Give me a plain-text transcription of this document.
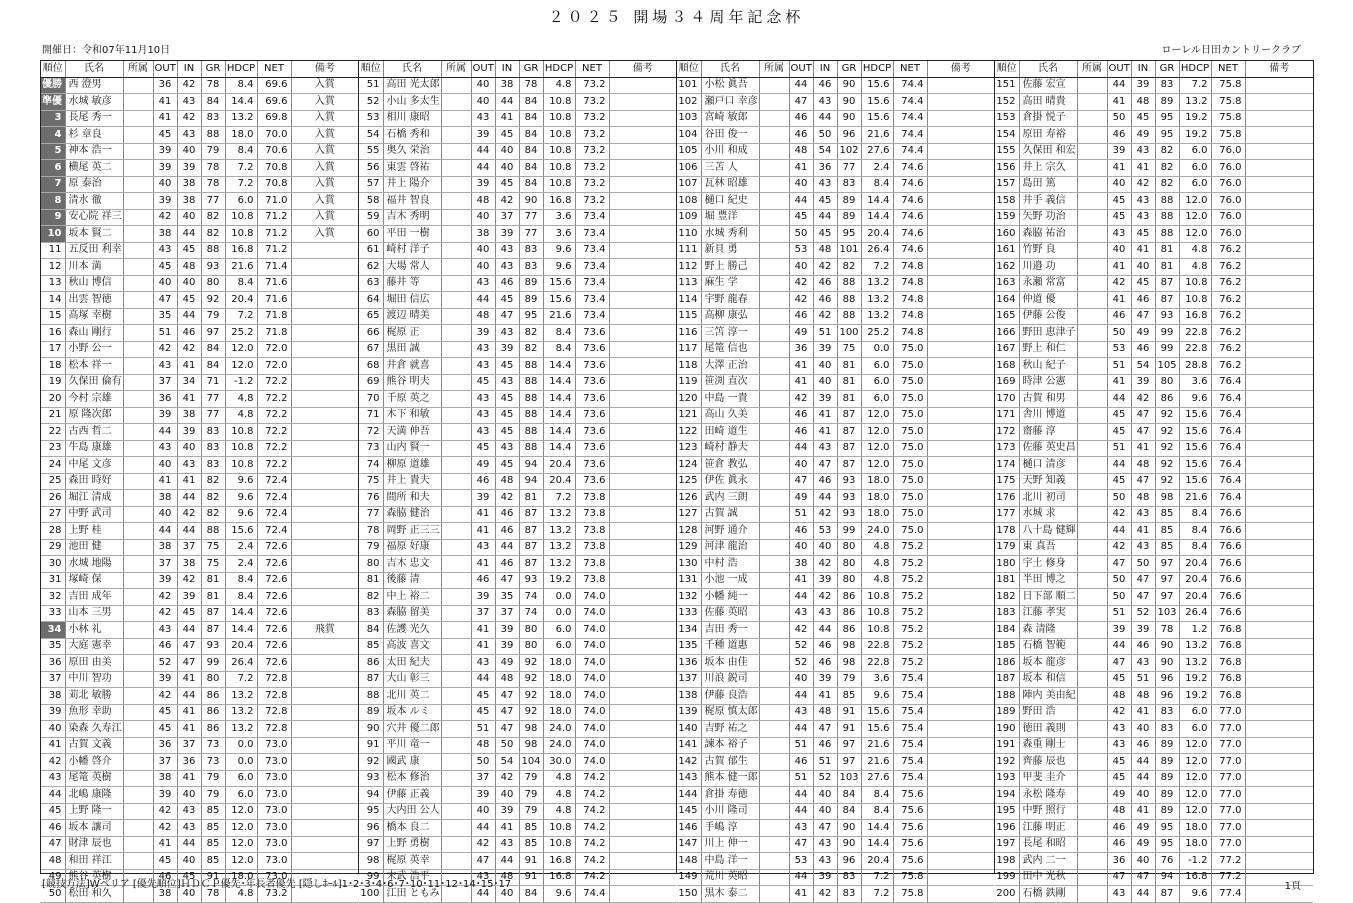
２０２５ 開場３４周年記念杯
開催日：令和07年11月10日	ローレル日田カントリークラブ
順位	氏名	所属	OUT	IN	GR	HDCP	NET	備考
優勝	西 澄男		36	42	78	8.4	69.6	入賞
準優	水城 敏彦		41	43	84	14.4	69.6	入賞
3	長尾 秀一		41	42	83	13.2	69.8	入賞
4	杉 章良		45	43	88	18.0	70.0	入賞
5	神本 浩一		39	40	79	8.4	70.6	入賞
6	横尾 英二		39	39	78	7.2	70.8	入賞
7	原 泰治		40	38	78	7.2	70.8	入賞
8	清水 徹		39	38	77	6.0	71.0	入賞
9	安心院 祥三		42	40	82	10.8	71.2	入賞
10	坂本 賢二		38	44	82	10.8	71.2	入賞
11	五反田 利幸		43	45	88	16.8	71.2	
12	川本 満		45	48	93	21.6	71.4	
13	秋山 博信		40	40	80	8.4	71.6	
14	出雲 智徳		47	45	92	20.4	71.6	
15	高塚 幸樹		35	44	79	7.2	71.8	
16	森山 剛行		51	46	97	25.2	71.8	
17	小野 公一		42	42	84	12.0	72.0	
18	松本 祥一		43	41	84	12.0	72.0	
19	久保田 倫有		37	34	71	-1.2	72.2	
20	今村 宗雄		36	41	77	4.8	72.2	
21	原 隆次郎		39	38	77	4.8	72.2	
22	古西 哲二		44	39	83	10.8	72.2	
23	牛島 康雄		43	40	83	10.8	72.2	
24	中尾 文彦		40	43	83	10.8	72.2	
25	森田 時好		41	41	82	9.6	72.4	
26	堀江 清成		38	44	82	9.6	72.4	
27	中野 武司		40	42	82	9.6	72.4	
28	上野 桂		44	44	88	15.6	72.4	
29	池田 健		38	37	75	2.4	72.6	
30	水城 地陽		37	38	75	2.4	72.6	
31	塚崎 保		39	42	81	8.4	72.6	
32	吉田 成年		42	39	81	8.4	72.6	
33	山本 三男		42	45	87	14.4	72.6	
34	小林 礼		43	44	87	14.4	72.6	飛賞
35	大庭 憲幸		46	47	93	20.4	72.6	
36	原田 由美		52	47	99	26.4	72.6	
37	中川 智功		39	41	80	7.2	72.8	
38	苅北 敏勝		42	44	86	13.2	72.8	
39	魚形 幸助		45	41	86	13.2	72.8	
40	染森 久寿江		45	41	86	13.2	72.8	
41	古賀 文義		36	37	73	0.0	73.0	
42	小幡 啓介		37	36	73	0.0	73.0	
43	尾篭 英樹		38	41	79	6.0	73.0	
44	北嶋 康隆		39	40	79	6.0	73.0	
45	上野 隆一		42	43	85	12.0	73.0	
46	坂本 讓司		42	43	85	12.0	73.0	
47	財津 辰也		41	44	85	12.0	73.0	
48	和田 祥江		45	40	85	12.0	73.0	
49	熊谷 英樹		46	45	91	18.0	73.0	
50	松田 和久		38	40	78	4.8	73.2	
順位	氏名	所属	OUT	IN	GR	HDCP	NET	備考
51	高田 光太郎		40	38	78	4.8	73.2	
52	小山 多太生		40	44	84	10.8	73.2	
53	相川 康昭		43	41	84	10.8	73.2	
54	石橋 秀和		39	45	84	10.8	73.2	
55	奥久 栄治		44	40	84	10.8	73.2	
56	東雲 啓祐		44	40	84	10.8	73.2	
57	井上 陽介		39	45	84	10.8	73.2	
58	福井 智良		48	42	90	16.8	73.2	
59	吉木 秀明		40	37	77	3.6	73.4	
60	平田 一樹		38	39	77	3.6	73.4	
61	崎村 洋子		40	43	83	9.6	73.4	
62	大場 常人		40	43	83	9.6	73.4	
63	藤井 等		43	46	89	15.6	73.4	
64	堀田 信広		44	45	89	15.6	73.4	
65	渡辺 晴美		48	47	95	21.6	73.4	
66	梶原 正		39	43	82	8.4	73.6	
67	黒田 誠		43	39	82	8.4	73.6	
68	井倉 就喜		43	45	88	14.4	73.6	
69	熊谷 明夫		45	43	88	14.4	73.6	
70	千原 英之		43	45	88	14.4	73.6	
71	木下 和敏		43	45	88	14.4	73.6	
72	天満 伸吾		43	45	88	14.4	73.6	
73	山内 賢一		45	43	88	14.4	73.6	
74	柳原 道雄		49	45	94	20.4	73.6	
75	井上 貴夫		46	48	94	20.4	73.6	
76	間所 和夫		39	42	81	7.2	73.8	
77	森脇 健治		41	46	87	13.2	73.8	
78	岡野 正三三		41	46	87	13.2	73.8	
79	福原 好康		43	44	87	13.2	73.8	
80	吉木 忠文		41	46	87	13.2	73.8	
81	後藤 清		46	47	93	19.2	73.8	
82	中上 裕二		39	35	74	0.0	74.0	
83	森脇 留美		37	37	74	0.0	74.0	
84	佐護 光久		41	39	80	6.0	74.0	
85	高波 喜文		41	39	80	6.0	74.0	
86	太田 紀夫		43	49	92	18.0	74.0	
87	大山 彰三		44	48	92	18.0	74.0	
88	北川 英二		45	47	92	18.0	74.0	
89	坂本 ルミ		45	47	92	18.0	74.0	
90	穴井 優二郎		51	47	98	24.0	74.0	
91	平川 竜一		48	50	98	24.0	74.0	
92	國武 康		50	54	104	30.0	74.0	
93	松本 修治		37	42	79	4.8	74.2	
94	伊藤 正義		39	40	79	4.8	74.2	
95	大内田 公人		40	39	79	4.8	74.2	
96	橋本 良二		44	41	85	10.8	74.2	
97	上野 勇樹		42	43	85	10.8	74.2	
98	梶原 英幸		47	44	91	16.8	74.2	
99	末武 浩平		43	48	91	16.8	74.2	
100	江田 ともみ		44	40	84	9.6	74.4	
順位	氏名	所属	OUT	IN	GR	HDCP	NET	備考
101	小松 眞吾		44	46	90	15.6	74.4	
102	瀬戸口 幸彦		47	43	90	15.6	74.4	
103	宮崎 敏郎		46	44	90	15.6	74.4	
104	谷田 俊一		46	50	96	21.6	74.4	
105	小川 和成		48	54	102	27.6	74.4	
106	三苫 人		41	36	77	2.4	74.6	
107	瓦林 昭雄		40	43	83	8.4	74.6	
108	樋口 紀史		44	45	89	14.4	74.6	
109	堀 豊洋		45	44	89	14.4	74.6	
110	水城 秀利		50	45	95	20.4	74.6	
111	新貝 勇		53	48	101	26.4	74.6	
112	野上 勝己		40	42	82	7.2	74.8	
113	麻生 学		42	46	88	13.2	74.8	
114	宇野 龍春		42	46	88	13.2	74.8	
115	高柳 康弘		46	42	88	13.2	74.8	
116	三笘 淳一		49	51	100	25.2	74.8	
117	尾篭 信也		36	39	75	0.0	75.0	
118	大澤 正治		41	40	81	6.0	75.0	
119	笹渕 直次		41	40	81	6.0	75.0	
120	中島 一貴		42	39	81	6.0	75.0	
121	高山 久美		46	41	87	12.0	75.0	
122	田崎 道生		46	41	87	12.0	75.0	
123	崎村 静夫		44	43	87	12.0	75.0	
124	笹倉 教弘		40	47	87	12.0	75.0	
125	伊佐 眞永		47	46	93	18.0	75.0	
126	武内 三朗		49	44	93	18.0	75.0	
127	古賀 誠		51	42	93	18.0	75.0	
128	河野 通介		46	53	99	24.0	75.0	
129	河津 龍治		40	40	80	4.8	75.2	
130	中村 浩		38	42	80	4.8	75.2	
131	小池 一成		41	39	80	4.8	75.2	
132	小幡 純一		44	42	86	10.8	75.2	
133	佐藤 英昭		43	43	86	10.8	75.2	
134	吉田 秀一		42	44	86	10.8	75.2	
135	千種 道惠		52	46	98	22.8	75.2	
136	坂本 由佳		52	46	98	22.8	75.2	
137	川浪 鋭司		40	39	79	3.6	75.4	
138	伊藤 良浩		44	41	85	9.6	75.4	
139	梶原 慎太郎		43	48	91	15.6	75.4	
140	吉野 祐之		44	47	91	15.6	75.4	
141	諫本 裕子		51	46	97	21.6	75.4	
142	古賀 郁生		46	51	97	21.6	75.4	
143	熊本 健一郎		51	52	103	27.6	75.4	
144	倉掛 寿徳		44	40	84	8.4	75.6	
145	小川 隆司		44	40	84	8.4	75.6	
146	手嶋 淳		43	47	90	14.4	75.6	
147	川上 伸一		47	43	90	14.4	75.6	
148	中島 洋一		53	43	96	20.4	75.6	
149	荒川 英昭		44	39	83	7.2	75.8	
150	黒木 泰二		41	42	83	7.2	75.8	
順位	氏名	所属	OUT	IN	GR	HDCP	NET	備考
151	佐藤 宏宣		44	39	83	7.2	75.8	
152	高田 晴貴		41	48	89	13.2	75.8	
153	倉掛 悦子		50	45	95	19.2	75.8	
154	原田 寿裕		46	49	95	19.2	75.8	
155	久保田 和宏		39	43	82	6.0	76.0	
156	井上 宗久		41	41	82	6.0	76.0	
157	島田 篤		40	42	82	6.0	76.0	
158	井手 義信		45	43	88	12.0	76.0	
159	矢野 功治		45	43	88	12.0	76.0	
160	森脇 祐治		43	45	88	12.0	76.0	
161	竹野 良		40	41	81	4.8	76.2	
162	川邉 功		41	40	81	4.8	76.2	
163	永瀬 常富		42	45	87	10.8	76.2	
164	仲道 優		41	46	87	10.8	76.2	
165	伊藤 公俊		46	47	93	16.8	76.2	
166	野田 恵津子		50	49	99	22.8	76.2	
167	野上 和仁		53	46	99	22.8	76.2	
168	秋山 紀子		51	54	105	28.8	76.2	
169	時津 公憲		41	39	80	3.6	76.4	
170	古賀 和男		44	42	86	9.6	76.4	
171	舎川 博道		45	47	92	15.6	76.4	
172	齋藤 淳		45	47	92	15.6	76.4	
173	佐藤 英史昌		51	41	92	15.6	76.4	
174	樋口 清彦		44	48	92	15.6	76.4	
175	天野 知義		45	47	92	15.6	76.4	
176	北川 初司		50	48	98	21.6	76.4	
177	水城 求		42	43	85	8.4	76.6	
178	八十島 健輝		44	41	85	8.4	76.6	
179	東 真吾		42	43	85	8.4	76.6	
180	宇土 修身		47	50	97	20.4	76.6	
181	半田 博之		50	47	97	20.4	76.6	
182	日下部 順二		50	47	97	20.4	76.6	
183	江藤 孝実		51	52	103	26.4	76.6	
184	森 清隆		39	39	78	1.2	76.8	
185	石橋 智範		44	46	90	13.2	76.8	
186	坂本 龍彦		47	43	90	13.2	76.8	
187	坂本 和信		45	51	96	19.2	76.8	
188	陣内 美由紀		48	48	96	19.2	76.8	
189	野田 浩		42	41	83	6.0	77.0	
190	徳田 義則		43	40	83	6.0	77.0	
191	森重 剛士		43	46	89	12.0	77.0	
192	齊藤 辰也		45	44	89	12.0	77.0	
193	甲斐 圭介		45	44	89	12.0	77.0	
194	永松 隆寿		49	40	89	12.0	77.0	
195	中野 照行		48	41	89	12.0	77.0	
196	江藤 明正		46	49	95	18.0	77.0	
197	長尾 和昭		46	49	95	18.0	77.0	
198	武内 二一		36	40	76	-1.2	77.2	
199	田中 光秋		47	47	94	16.8	77.2	
200	石橋 鉄剛		43	44	87	9.6	77.4	
[競技方法]Wペリア [優先順位]ＨＤＣＰ優先･年長者優先 [隠しﾎｰﾙ]1･2･3･4･6･7･10･11･12･14･15･17	1頁
